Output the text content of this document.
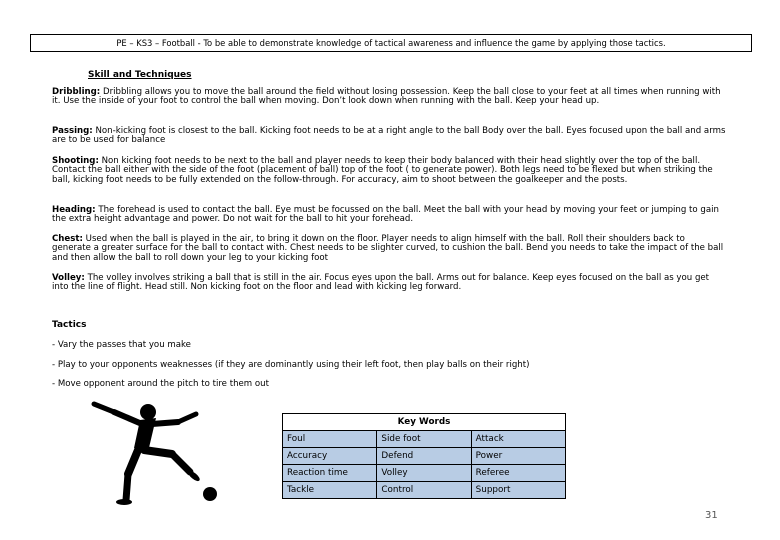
PE – KS3 – Football - To be able to demonstrate knowledge of tactical awareness and influence the game by applying those tactics.
Skill and Techniques
Dribbling: Dribbling allows you to move the ball around the field without losing possession. Keep the ball close to your feet at all times when running with it. Use the inside of your foot to control the ball when moving. Don’t look down when running with the ball. Keep your head up.
Passing: Non-kicking foot is closest to the ball. Kicking foot needs to be at a right angle to the ball Body over the ball. Eyes focused upon the ball and arms are to be used for balance
Shooting: Non kicking foot needs to be next to the ball and player needs to keep their body balanced with their head slightly over the top of the ball. Contact the ball either with the side of the foot (placement of ball) top of the foot ( to generate power). Both legs need to be flexed but when striking the ball, kicking foot needs to be fully extended on the follow-through. For accuracy, aim to shoot between the goalkeeper and the posts.
Heading: The forehead is used to contact the ball. Eye must be focussed on the ball. Meet the ball with your head by moving your feet or jumping to gain the extra height advantage and power. Do not wait for the ball to hit your forehead.
Chest: Used when the ball is played in the air, to bring it down on the floor. Player needs to align himself with the ball. Roll their shoulders back to generate a greater surface for the ball to contact with. Chest needs to be slighter curved, to cushion the ball. Bend you needs to take the impact of the ball and then allow the ball to roll down your leg to your kicking foot
Volley: The volley involves striking a ball that is still in the air. Focus eyes upon the ball. Arms out for balance. Keep eyes focused on the ball as you get into the line of flight. Head still. Non kicking foot on the floor and lead with kicking leg forward.
Tactics
- Vary the passes that you make
- Play to your opponents weaknesses (if they are dominantly using their left foot, then play balls on their right)
- Move opponent around the pitch to tire them out
Key Words		
Foul	Side foot	Attack
Accuracy	Defend	Power
Reaction time	Volley	Referee
Tackle	Control	Support
31
